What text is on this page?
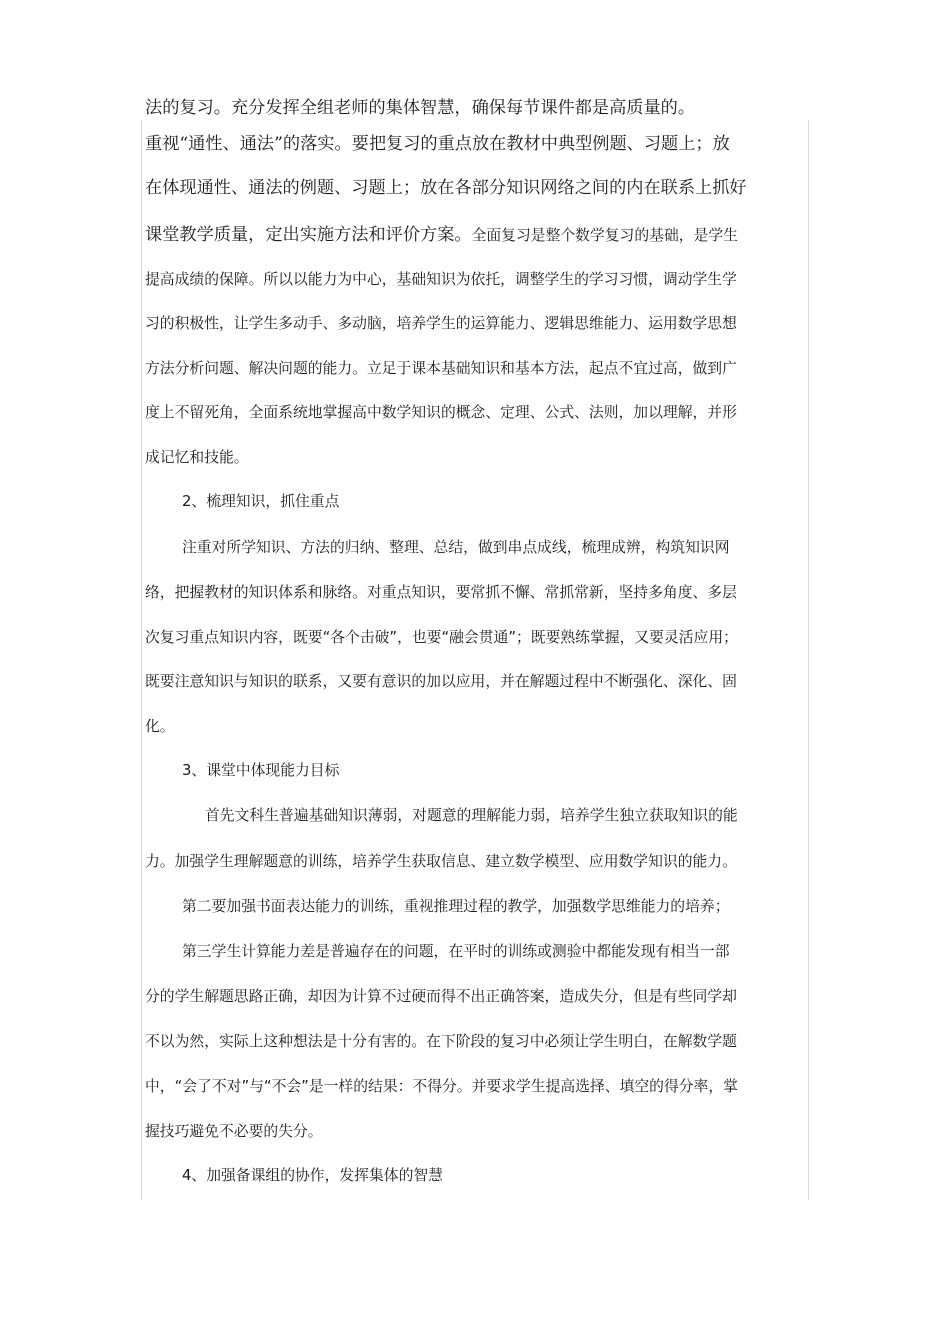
法的复习。充分发挥全组老师的集体智慧，确保每节课件都是高质量的。
重视“通性、通法”的落实。要把复习的重点放在教材中典型例题、习题上；放
在体现通性、通法的例题、习题上；放在各部分知识网络之间的内在联系上抓好
课堂教学质量，定出实施方法和评价方案。全面复习是整个数学复习的基础，是学生
提高成绩的保障。所以以能力为中心，基础知识为依托，调整学生的学习习惯，调动学生学
习的积极性，让学生多动手、多动脑，培养学生的运算能力、逻辑思维能力、运用数学思想
方法分析问题、解决问题的能力。立足于课本基础知识和基本方法，起点不宜过高，做到广
度上不留死角，全面系统地掌握高中数学知识的概念、定理、公式、法则，加以理解，并形
成记忆和技能。
2、梳理知识，抓住重点
注重对所学知识、方法的归纳、整理、总结，做到串点成线，梳理成辨，构筑知识网
络，把握教材的知识体系和脉络。对重点知识，要常抓不懈、常抓常新，坚持多角度、多层
次复习重点知识内容，既要“各个击破”，也要“融会贯通”；既要熟练掌握，又要灵活应用；
既要注意知识与知识的联系，又要有意识的加以应用，并在解题过程中不断强化、深化、固
化。
3、课堂中体现能力目标
首先文科生普遍基础知识薄弱，对题意的理解能力弱，培养学生独立获取知识的能
力。加强学生理解题意的训练，培养学生获取信息、建立数学模型、应用数学知识的能力。
第二要加强书面表达能力的训练，重视推理过程的教学，加强数学思维能力的培养；
第三学生计算能力差是普遍存在的问题，在平时的训练或测验中都能发现有相当一部
分的学生解题思路正确，却因为计算不过硬而得不出正确答案，造成失分，但是有些同学却
不以为然，实际上这种想法是十分有害的。在下阶段的复习中必须让学生明白，在解数学题
中，“会了不对”与“不会”是一样的结果：不得分。并要求学生提高选择、填空的得分率，掌
握技巧避免不必要的失分。
4、加强备课组的协作，发挥集体的智慧
